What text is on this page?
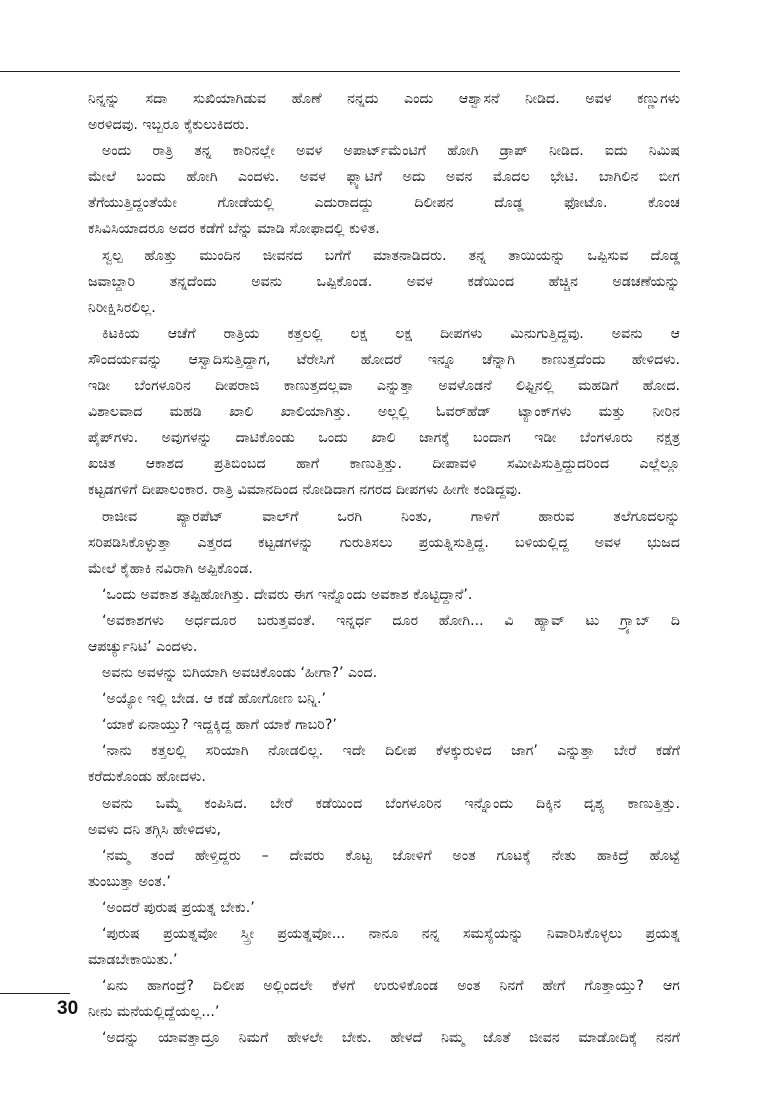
ನಿನ್ನನ್ನು ಸದಾ ಸುಖಿಯಾಗಿಡುವ ಹೊಣೆ ನನ್ನದು ಎಂದು ಆಶ್ವಾಸನೆ ನೀಡಿದ. ಅವಳ ಕಣ್ಣುಗಳು
ಅರಳಿದವು. ಇಬ್ಬರೂ ಕೈಕುಲುಕಿದರು.
ಅಂದು ರಾತ್ರಿ ತನ್ನ ಕಾರಿನಲ್ಲೇ ಅವಳ ಅಪಾರ್ಟ್‌ಮೆಂಟಿಗೆ ಹೋಗಿ ಡ್ರಾಪ್ ನೀಡಿದ. ಐದು ನಿಮಿಷ
ಮೇಲೆ ಬಂದು ಹೋಗಿ ಎಂದಳು. ಅವಳ ಫ್ಲ್ಯಾಟಿಗೆ ಅದು ಅವನ ಮೊದಲ ಭೇಟಿ. ಬಾಗಿಲಿನ ಬೀಗ
ತೆಗೆಯುತ್ತಿದ್ದಂತೆಯೇ ಗೋಡೆಯಲ್ಲಿ ಎದುರಾದದ್ದು ದಿಲೀಪನ ದೊಡ್ಡ ಫೋಟೊ. ಕೊಂಚ
ಕಸಿವಿಸಿಯಾದರೂ ಅದರ ಕಡೆಗೆ ಬೆನ್ನು ಮಾಡಿ ಸೋಫಾದಲ್ಲಿ ಕುಳಿತ.
ಸ್ವಲ್ಪ ಹೊತ್ತು ಮುಂದಿನ ಜೀವನದ ಬಗೆಗೆ ಮಾತನಾಡಿದರು. ತನ್ನ ತಾಯಿಯನ್ನು ಒಪ್ಪಿಸುವ ದೊಡ್ಡ
ಜವಾಬ್ದಾರಿ ತನ್ನದೆಂದು ಅವನು ಒಪ್ಪಿಕೊಂಡ. ಅವಳ ಕಡೆಯಿಂದ ಹೆಚ್ಚಿನ ಅಡಚಣೆಯನ್ನು
ನಿರೀಕ್ಷಿಸಿರಲಿಲ್ಲ.
ಕಿಟಕಿಯ ಆಚೆಗೆ ರಾತ್ರಿಯ ಕತ್ತಲಲ್ಲಿ ಲಕ್ಷ ಲಕ್ಷ ದೀಪಗಳು ಮಿನುಗುತ್ತಿದ್ದವು. ಅವನು ಆ
ಸೌಂದರ್ಯವನ್ನು ಆಸ್ವಾದಿಸುತ್ತಿದ್ದಾಗ, ಟೆರೇಸಿಗೆ ಹೋದರೆ ಇನ್ನೂ ಚೆನ್ನಾಗಿ ಕಾಣುತ್ತದೆಂದು ಹೇಳಿದಳು.
ಇಡೀ ಬೆಂಗಳೂರಿನ ದೀಪರಾಜಿ ಕಾಣುತ್ತದಲ್ಲವಾ ಎನ್ನುತ್ತಾ ಅವಳೊಡನೆ ಲಿಫ್ಟಿನಲ್ಲಿ ಮಹಡಿಗೆ ಹೋದ.
ವಿಶಾಲವಾದ ಮಹಡಿ ಖಾಲಿ ಖಾಲಿಯಾಗಿತ್ತು. ಅಲ್ಲಲ್ಲಿ ಓವರ್‌ಹೆಡ್ ಟ್ಯಾಂಕ್‌ಗಳು ಮತ್ತು ನೀರಿನ
ಪೈಪ್‌ಗಳು. ಅವುಗಳನ್ನು ದಾಟಿಕೊಂಡು ಒಂದು ಖಾಲಿ ಜಾಗಕ್ಕೆ ಬಂದಾಗ ಇಡೀ ಬೆಂಗಳೂರು ನಕ್ಷತ್ರ
ಖಚಿತ ಆಕಾಶದ ಪ್ರತಿಬಿಂಬದ ಹಾಗೆ ಕಾಣುತ್ತಿತ್ತು. ದೀಪಾವಳಿ ಸಮೀಪಿಸುತ್ತಿದ್ದುದರಿಂದ ಎಲ್ಲೆಲ್ಲೂ
ಕಟ್ಟಡಗಳಿಗೆ ದೀಪಾಲಂಕಾರ. ರಾತ್ರಿ ವಿಮಾನದಿಂದ ನೋಡಿದಾಗ ನಗರದ ದೀಪಗಳು ಹೀಗೇ ಕಂಡಿದ್ದವು.
ರಾಜೀವ ಪ್ಯಾರಪೆಟ್ ವಾಲ್‌ಗೆ ಒರಗಿ ನಿಂತು, ಗಾಳಿಗೆ ಹಾರುವ ತಲೆಗೂದಲನ್ನು
ಸರಿಪಡಿಸಿಕೊಳ್ಳುತ್ತಾ ಎತ್ತರದ ಕಟ್ಟಡಗಳನ್ನು ಗುರುತಿಸಲು ಪ್ರಯತ್ನಿಸುತ್ತಿದ್ದ. ಬಳಿಯಲ್ಲಿದ್ದ ಅವಳ ಭುಜದ
ಮೇಲೆ ಕೈಹಾಕಿ ನವಿರಾಗಿ ಅಪ್ಪಿಕೊಂಡ.
‘ಒಂದು ಅವಕಾಶ ತಪ್ಪಿಹೋಗಿತ್ತು. ದೇವರು ಈಗ ಇನ್ನೊಂದು ಅವಕಾಶ ಕೊಟ್ಟಿದ್ದಾನೆ’.
‘ಅವಕಾಶಗಳು ಅರ್ಧದೂರ ಬರುತ್ತವಂತೆ. ಇನ್ನರ್ಧ ದೂರ ಹೋಗಿ... ವಿ ಹ್ಯಾವ್ ಟು ಗ್ರ್ಯಾಬ್ ದಿ
ಆಪರ್ಚ್ಯುನಿಟಿ’ ಎಂದಳು.
ಅವನು ಅವಳನ್ನು ಬಿಗಿಯಾಗಿ ಅವಚಿಕೊಂಡು ‘ಹೀಗಾ?’ ಎಂದ.
‘ಅಯ್ಯೋ ಇಲ್ಲಿ ಬೇಡ. ಆ ಕಡೆ ಹೋಗೋಣ ಬನ್ನಿ.’
‘ಯಾಕೆ ಏನಾಯ್ತು? ಇದ್ದಕ್ಕಿದ್ದ ಹಾಗೆ ಯಾಕೆ ಗಾಬರಿ?’
‘ನಾನು ಕತ್ತಲಲ್ಲಿ ಸರಿಯಾಗಿ ನೋಡಲಿಲ್ಲ. ಇದೇ ದಿಲೀಪ ಕೆಳಕ್ಕುರುಳಿದ ಜಾಗ’ ಎನ್ನುತ್ತಾ ಬೇರೆ ಕಡೆಗೆ
ಕರೆದುಕೊಂಡು ಹೋದಳು.
ಅವನು ಒಮ್ಮೆ ಕಂಪಿಸಿದ. ಬೇರೆ ಕಡೆಯಿಂದ ಬೆಂಗಳೂರಿನ ಇನ್ನೊಂದು ದಿಕ್ಕಿನ ದೃಶ್ಯ ಕಾಣುತ್ತಿತ್ತು.
ಅವಳು ದನಿ ತಗ್ಗಿಸಿ ಹೇಳಿದಳು,
‘ನಮ್ಮ ತಂದೆ ಹೇಳ್ತಿದ್ದರು – ದೇವರು ಕೊಟ್ಟ ಜೋಳಿಗೆ ಅಂತ ಗೂಟಕ್ಕೆ ನೇತು ಹಾಕಿದ್ರೆ ಹೊಟ್ಟೆ
ತುಂಬುತ್ತಾ ಅಂತ.’
‘ಅಂದರೆ ಪುರುಷ ಪ್ರಯತ್ನ ಬೇಕು.’
‘ಪುರುಷ ಪ್ರಯತ್ನವೋ ಸ್ತ್ರೀ ಪ್ರಯತ್ನವೋ... ನಾನೂ ನನ್ನ ಸಮಸ್ಯೆಯನ್ನು ನಿವಾರಿಸಿಕೊಳ್ಳಲು ಪ್ರಯತ್ನ
ಮಾಡಬೇಕಾಯಿತು.’
‘ಏನು ಹಾಗಂದ್ರೆ? ದಿಲೀಪ ಅಲ್ಲಿಂದಲೇ ಕೆಳಗೆ ಉರುಳಿಕೊಂಡ ಅಂತ ನಿನಗೆ ಹೇಗೆ ಗೊತ್ತಾಯ್ತು? ಆಗ
ನೀನು ಮನೆಯಲ್ಲಿದ್ದೆಯಲ್ಲ...’
‘ಅದನ್ನು ಯಾವತ್ತಾದ್ರೂ ನಿಮಗೆ ಹೇಳಲೇ ಬೇಕು. ಹೇಳದೆ ನಿಮ್ಮ ಜೊತೆ ಜೀವನ ಮಾಡೋದಿಕ್ಕೆ ನನಗೆ
30
